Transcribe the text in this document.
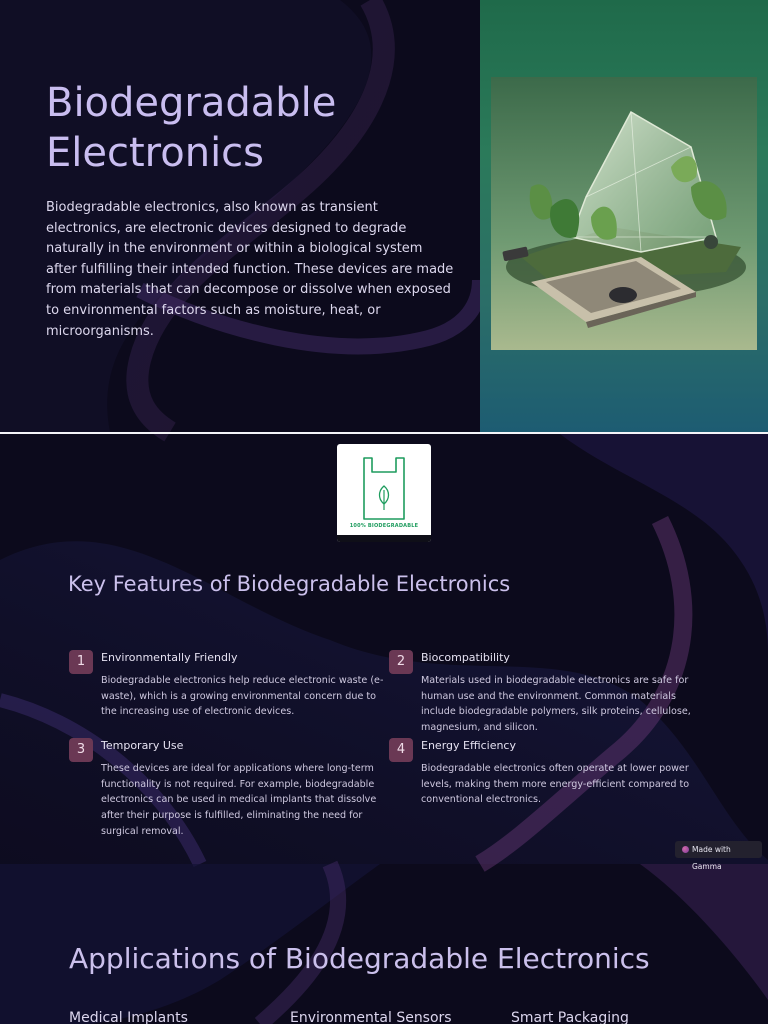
Biodegradable Electronics

Biodegradable electronics, also known as transient electronics, are electronic devices designed to degrade naturally in the environment or within a biological system after fulfilling their intended function. These devices are made from materials that can decompose or dissolve when exposed to environmental factors such as moisture, heat, or microorganisms.

100% BIODEGRADABLE
Key Features of Biodegradable Electronics
1	Environmentally Friendly
Biodegradable electronics help reduce electronic waste (e-waste), which is a growing environmental concern due to the increasing use of electronic devices.
2	Biocompatibility
Materials used in biodegradable electronics are safe for human use and the environment. Common materials include biodegradable polymers, silk proteins, cellulose, magnesium, and silicon.
3	Temporary Use
These devices are ideal for applications where long-term functionality is not required. For example, biodegradable electronics can be used in medical implants that dissolve after their purpose is fulfilled, eliminating the need for surgical removal.
4	Energy Efficiency
Biodegradable electronics often operate at lower power levels, making them more energy-efficient compared to conventional electronics.
Made with Gamma
Applications of Biodegradable Electronics
Medical Implants	Environmental Sensors	Smart Packaging
